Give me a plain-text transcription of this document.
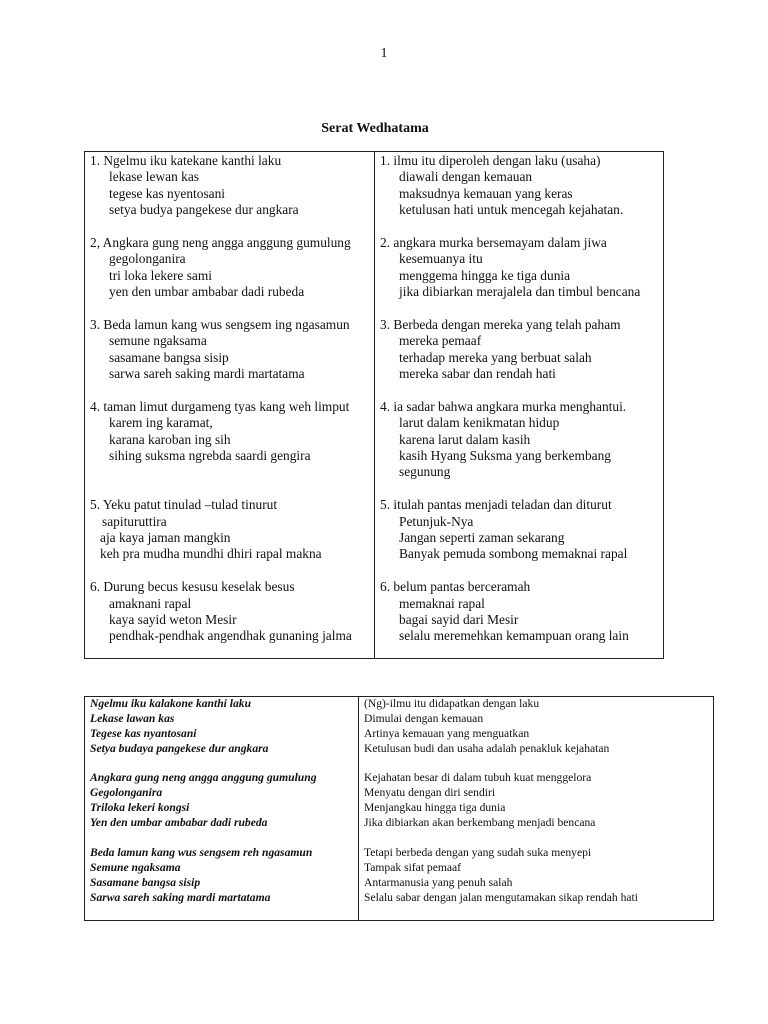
1
Serat Wedhatama
1. Ngelmu iku katekane kanthi laku
lekase lewan kas
tegese kas nyentosani
setya budya pangekese dur angkara
2, Angkara gung neng angga anggung gumulung
gegolonganira
tri loka lekere sami
yen den umbar ambabar dadi rubeda
3. Beda lamun kang wus sengsem ing ngasamun
semune ngaksama
sasamane bangsa sisip
sarwa sareh saking mardi martatama
4. taman limut durgameng tyas kang weh limput
karem ing karamat,
karana karoban ing sih
sihing suksma ngrebda saardi gengira
5. Yeku patut tinulad –tulad tinurut
sapituruttira
aja kaya jaman mangkin
keh pra mudha mundhi dhiri rapal makna
6. Durung becus kesusu keselak besus
amaknani rapal
kaya sayid weton Mesir
pendhak-pendhak angendhak gunaning jalma
1. ilmu itu diperoleh dengan laku (usaha)
diawali dengan kemauan
maksudnya kemauan yang keras
ketulusan hati untuk mencegah kejahatan.
2. angkara murka bersemayam dalam jiwa
kesemuanya itu
menggema hingga ke tiga dunia
jika dibiarkan merajalela dan timbul bencana
3. Berbeda dengan mereka yang telah paham
mereka pemaaf
terhadap mereka yang berbuat salah
mereka sabar dan rendah hati
4. ia sadar bahwa angkara murka menghantui.
larut dalam kenikmatan hidup
karena larut dalam kasih
kasih Hyang Suksma yang berkembang
segunung
5. itulah pantas menjadi teladan dan diturut
Petunjuk-Nya
Jangan seperti zaman sekarang
Banyak pemuda sombong memaknai rapal
6. belum pantas berceramah
memaknai rapal
bagai sayid dari Mesir
selalu meremehkan kemampuan orang lain
Ngelmu iku kalakone kanthi laku
Lekase lawan kas
Tegese kas nyantosani
Setya budaya pangekese dur angkara
Angkara gung neng angga anggung gumulung
Gegolonganira
Triloka lekeri kongsi
Yen den umbar ambabar dadi rubeda
Beda lamun kang wus sengsem reh ngasamun
Semune ngaksama
Sasamane bangsa sisip
Sarwa sareh saking mardi martatama
(Ng)-ilmu itu didapatkan dengan laku
Dimulai dengan kemauan
Artinya kemauan yang menguatkan
Ketulusan budi dan usaha adalah penakluk kejahatan
Kejahatan besar di dalam tubuh kuat menggelora
Menyatu dengan diri sendiri
Menjangkau hingga tiga dunia
Jika dibiarkan akan berkembang menjadi bencana
Tetapi berbeda dengan yang sudah suka menyepi
Tampak sifat pemaaf
Antarmanusia yang penuh salah
Selalu sabar dengan jalan mengutamakan sikap rendah hati
